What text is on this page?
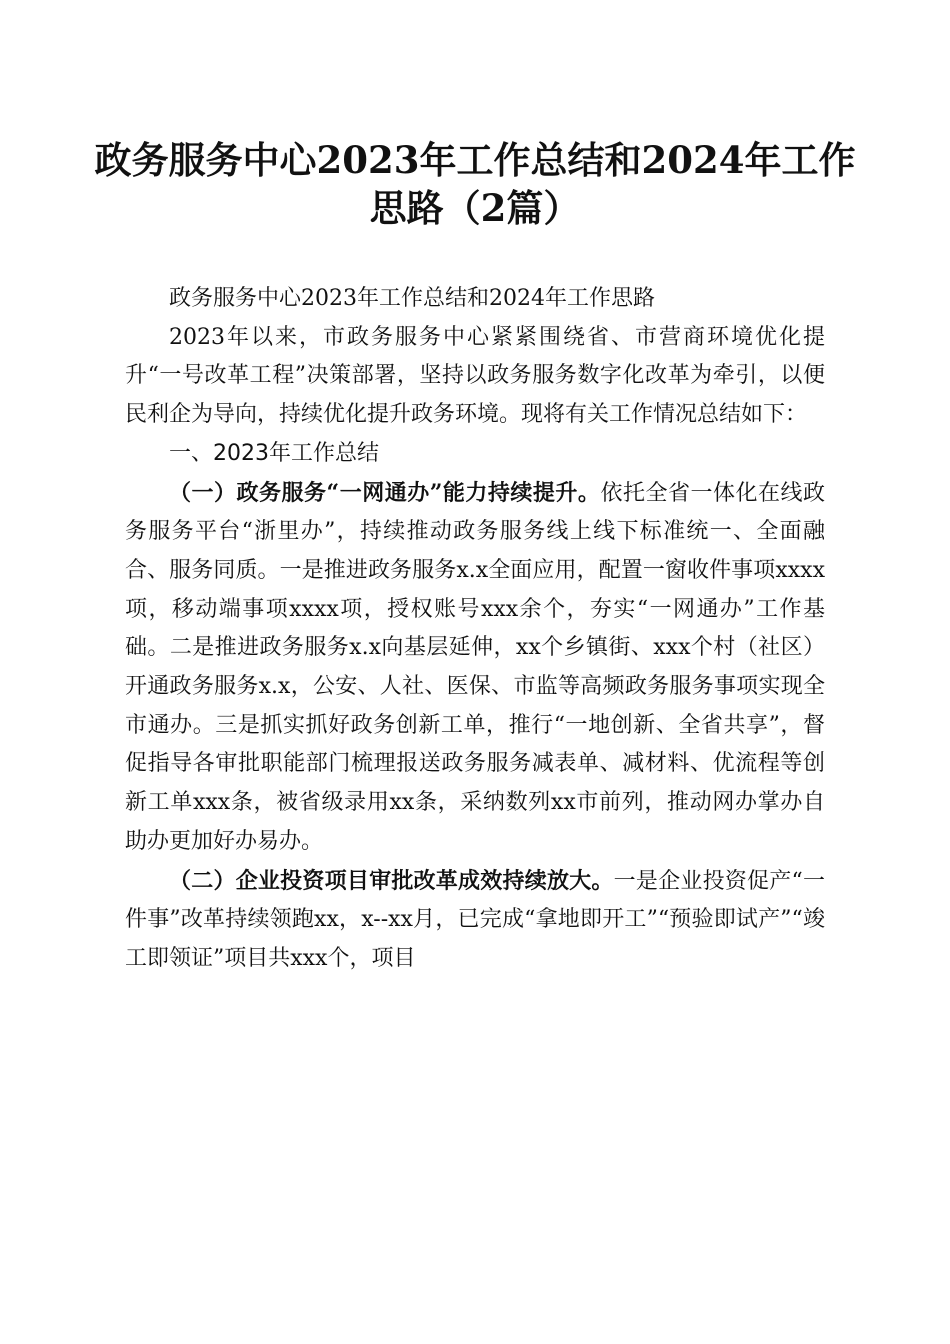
政务服务中心2023年工作总结和2024年工作
思路（2篇）

政务服务中心2023年工作总结和2024年工作思路

2023年以来，市政务服务中心紧紧围绕省、市营商环境优化提升“一号改革工程”决策部署，坚持以政务服务数字化改革为牵引，以便民利企为导向，持续优化提升政务环境。现将有关工作情况总结如下：

一、2023年工作总结

（一）政务服务“一网通办”能力持续提升。依托全省一体化在线政务服务平台“浙里办”，持续推动政务服务线上线下标准统一、全面融合、服务同质。一是推进政务服务x.x全面应用，配置一窗收件事项xxxx项，移动端事项xxxx项，授权账号xxx余个，夯实“一网通办”工作基础。二是推进政务服务x.x向基层延伸，xx个乡镇街、xxx个村（社区）开通政务服务x.x，公安、人社、医保、市监等高频政务服务事项实现全市通办。三是抓实抓好政务创新工单，推行“一地创新、全省共享”，督促指导各审批职能部门梳理报送政务服务减表单、减材料、优流程等创新工单xxx条，被省级录用xx条，采纳数列xx市前列，推动网办掌办自助办更加好办易办。

（二）企业投资项目审批改革成效持续放大。一是企业投资促产“一件事”改革持续领跑xx，x--xx月，已完成“拿地即开工”“预验即试产”“竣工即领证”项目共xxx个，项目
